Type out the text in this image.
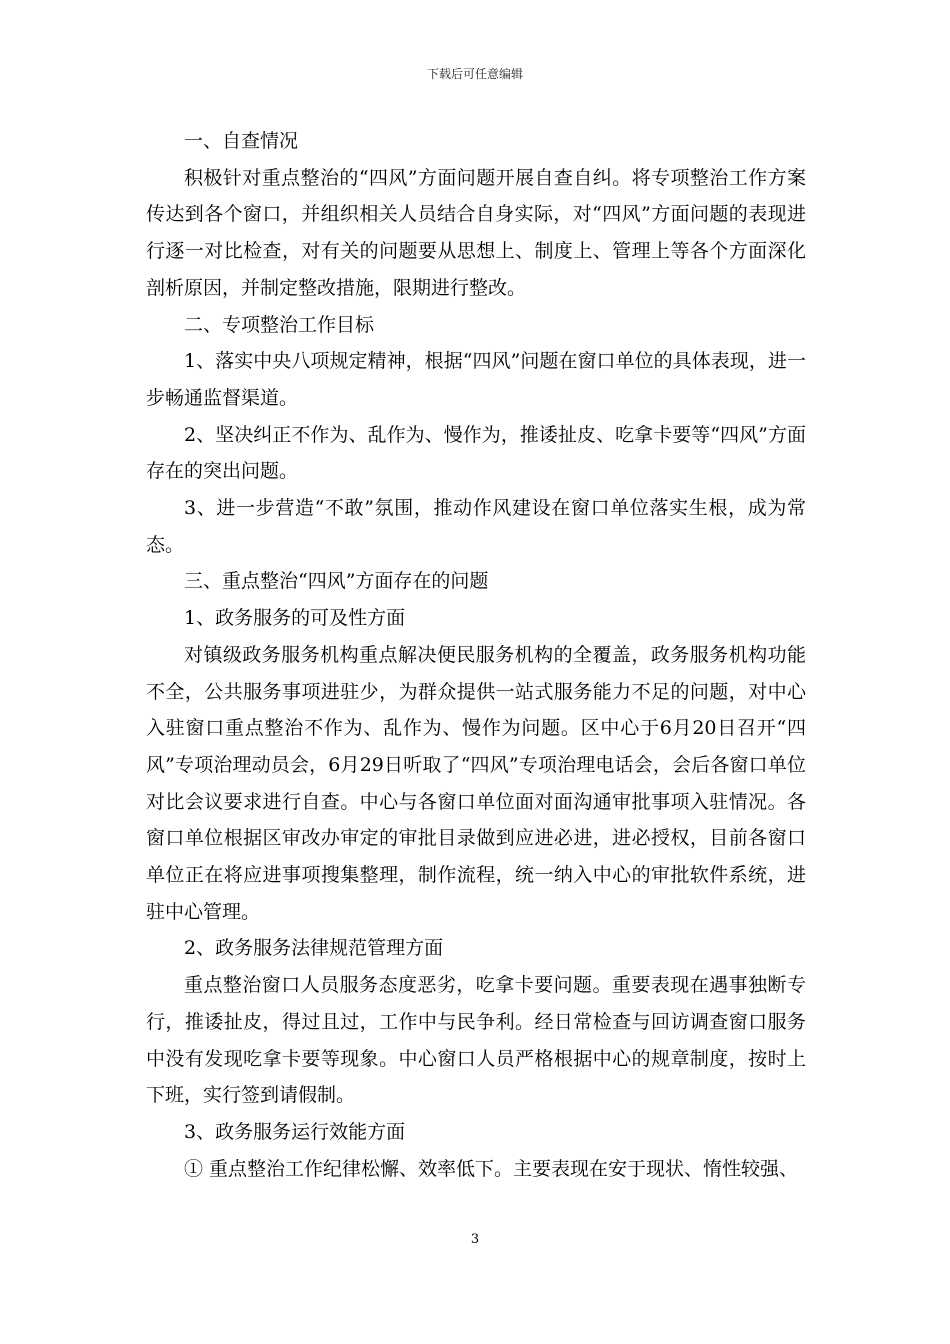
下载后可任意编辑

一、自查情况

积极针对重点整治的“四风”方面问题开展自查自纠。将专项整治工作方案传达到各个窗口，并组织相关人员结合自身实际，对“四风”方面问题的表现进行逐一对比检查，对有关的问题要从思想上、制度上、管理上等各个方面深化剖析原因，并制定整改措施，限期进行整改。

二、专项整治工作目标

1、落实中央八项规定精神，根据“四风”问题在窗口单位的具体表现，进一步畅通监督渠道。

2、坚决纠正不作为、乱作为、慢作为，推诿扯皮、吃拿卡要等“四风”方面存在的突出问题。

3、进一步营造“不敢”氛围，推动作风建设在窗口单位落实生根，成为常态。

三、重点整治“四风”方面存在的问题

1、政务服务的可及性方面

对镇级政务服务机构重点解决便民服务机构的全覆盖，政务服务机构功能不全，公共服务事项进驻少，为群众提供一站式服务能力不足的问题，对中心入驻窗口重点整治不作为、乱作为、慢作为问题。区中心于6月20日召开“四风”专项治理动员会，6月29日听取了“四风”专项治理电话会，会后各窗口单位对比会议要求进行自查。中心与各窗口单位面对面沟通审批事项入驻情况。各窗口单位根据区审改办审定的审批目录做到应进必进，进必授权，目前各窗口单位正在将应进事项搜集整理，制作流程，统一纳入中心的审批软件系统，进驻中心管理。

2、政务服务法律规范管理方面

重点整治窗口人员服务态度恶劣，吃拿卡要问题。重要表现在遇事独断专行，推诿扯皮，得过且过，工作中与民争利。经日常检查与回访调查窗口服务中没有发现吃拿卡要等现象。中心窗口人员严格根据中心的规章制度，按时上下班，实行签到请假制。

3、政务服务运行效能方面

① 重点整治工作纪律松懈、效率低下。主要表现在安于现状、惰性较强、

3
